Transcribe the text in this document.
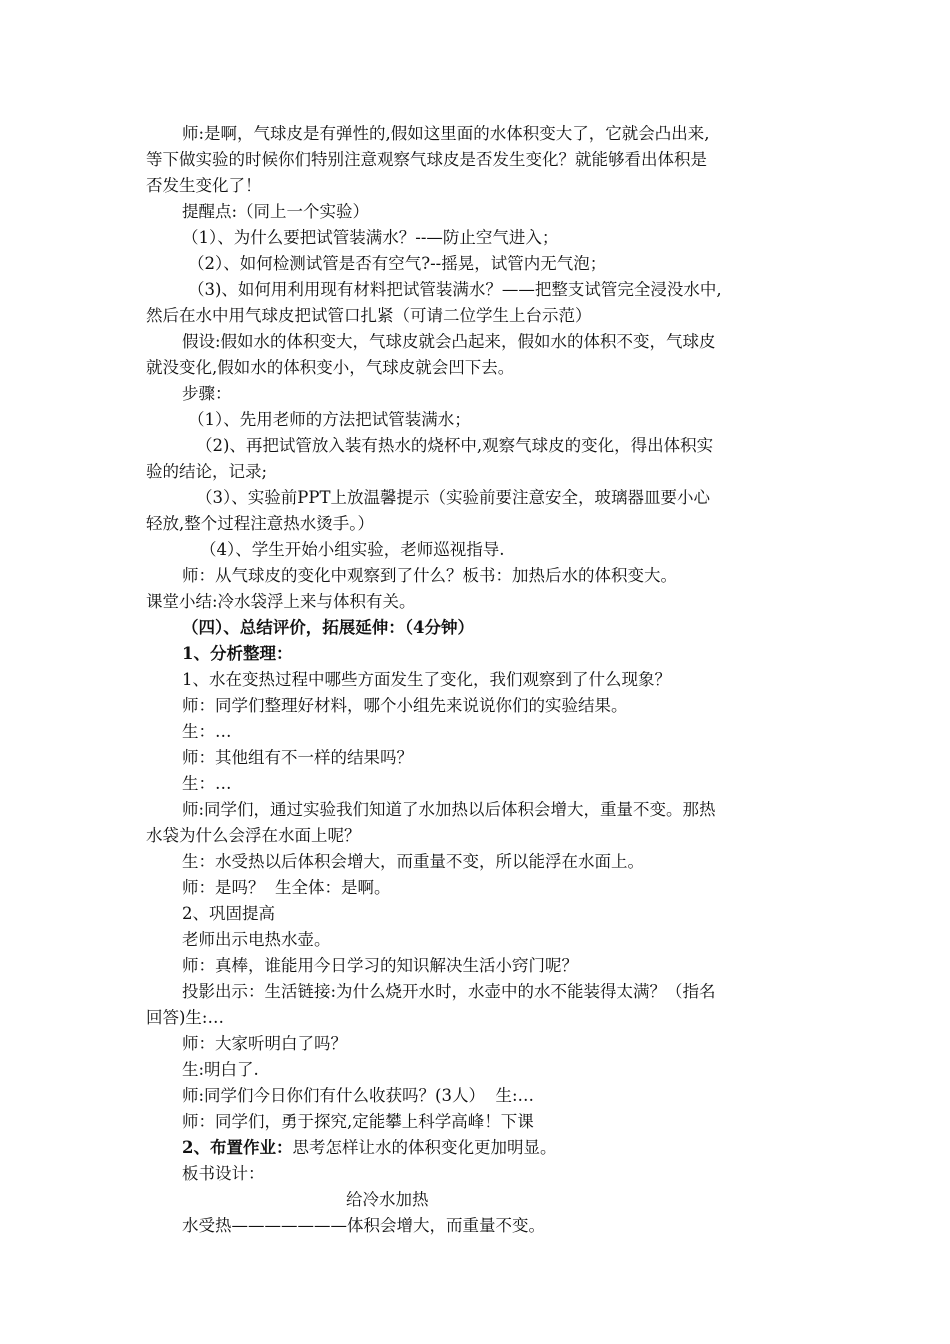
师:是啊，气球皮是有弹性的,假如这里面的水体积变大了，它就会凸出来,
等下做实验的时候你们特别注意观察气球皮是否发生变化？就能够看出体积是
否发生变化了！
提醒点:（同上一个实验）
（1）、为什么要把试管装满水？--—防止空气进入；
（2）、如何检测试管是否有空气?--摇晃，试管内无气泡；
（3)、如何用利用现有材料把试管装满水？——把整支试管完全浸没水中,
然后在水中用气球皮把试管口扎紧（可请二位学生上台示范）
假设:假如水的体积变大，气球皮就会凸起来，假如水的体积不变，气球皮
就没变化,假如水的体积变小，气球皮就会凹下去。
步骤：
（1）、先用老师的方法把试管装满水；
（2)、再把试管放入装有热水的烧杯中,观察气球皮的变化，得出体积实
验的结论，记录;
（3）、实验前PPT上放温馨提示（实验前要注意安全，玻璃器皿要小心
轻放,整个过程注意热水烫手。）
（4）、学生开始小组实验，老师巡视指导.
师：从气球皮的变化中观察到了什么？板书：加热后水的体积变大。
课堂小结:冷水袋浮上来与体积有关。
（四）、总结评价，拓展延伸：（4分钟）
1、分析整理：
1、水在变热过程中哪些方面发生了变化，我们观察到了什么现象？
师：同学们整理好材料，哪个小组先来说说你们的实验结果。
生：…
师：其他组有不一样的结果吗？
生：…
师:同学们，通过实验我们知道了水加热以后体积会增大，重量不变。那热
水袋为什么会浮在水面上呢？
生：水受热以后体积会增大，而重量不变，所以能浮在水面上。
师：是吗？  生全体：是啊。
2、巩固提高
老师出示电热水壶。
师：真棒，谁能用今日学习的知识解决生活小窍门呢？
投影出示：生活链接:为什么烧开水时，水壶中的水不能装得太满？（指名
回答)生:…
师：大家听明白了吗？
生:明白了.
师:同学们今日你们有什么收获吗？(3人）  生:…
师：同学们，勇于探究,定能攀上科学高峰！下课
2、布置作业：思考怎样让水的体积变化更加明显。
板书设计：
给冷水加热
水受热———————体积会增大，而重量不变。
